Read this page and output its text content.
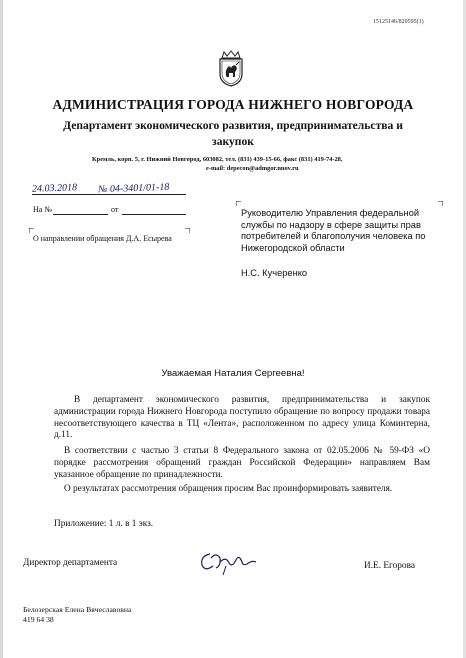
15125146/820595(1)
АДМИНИСТРАЦИЯ ГОРОДА НИЖНЕГО НОВГОРОДА
Департамент экономического развития, предпринимательства и
закупок
Кремль, корп. 5, г. Нижний Новгород, 603082, тел. (831) 439-15-66, факс (831) 419-74-28,
e-mail: depecon@admgor.nnov.ru
24.03.2018 № 04-3401/01-18
На №	от
О направлении обращения Д.А. Есырева
Руководителю Управления федеральной службы по надзору в сфере защиты прав потребителей и благополучия человека по Нижегородской области
Н.С. Кучеренко
Уважаемая Наталия Сергеевна!
В департамент экономического развития, предпринимательства и закупок администрации города Нижнего Новгорода поступило обращение по вопросу продажи товара несоответствующего качества в ТЦ «Лента», расположенном по адресу улица Коминтерна, д.11.
В соответствии с частью 3 статьи 8 Федерального закона от 02.05.2006 № 59-ФЗ «О порядке рассмотрения обращений граждан Российской Федерации» направляем Вам указанное обращение по принадлежности.
О результатах рассмотрения обращения просим Вас проинформировать заявителя.
Приложение: 1 л. в 1 экз.
Директор департамента	И.Е. Егорова
Белозерская Елена Вячеславовна
419 64 38
